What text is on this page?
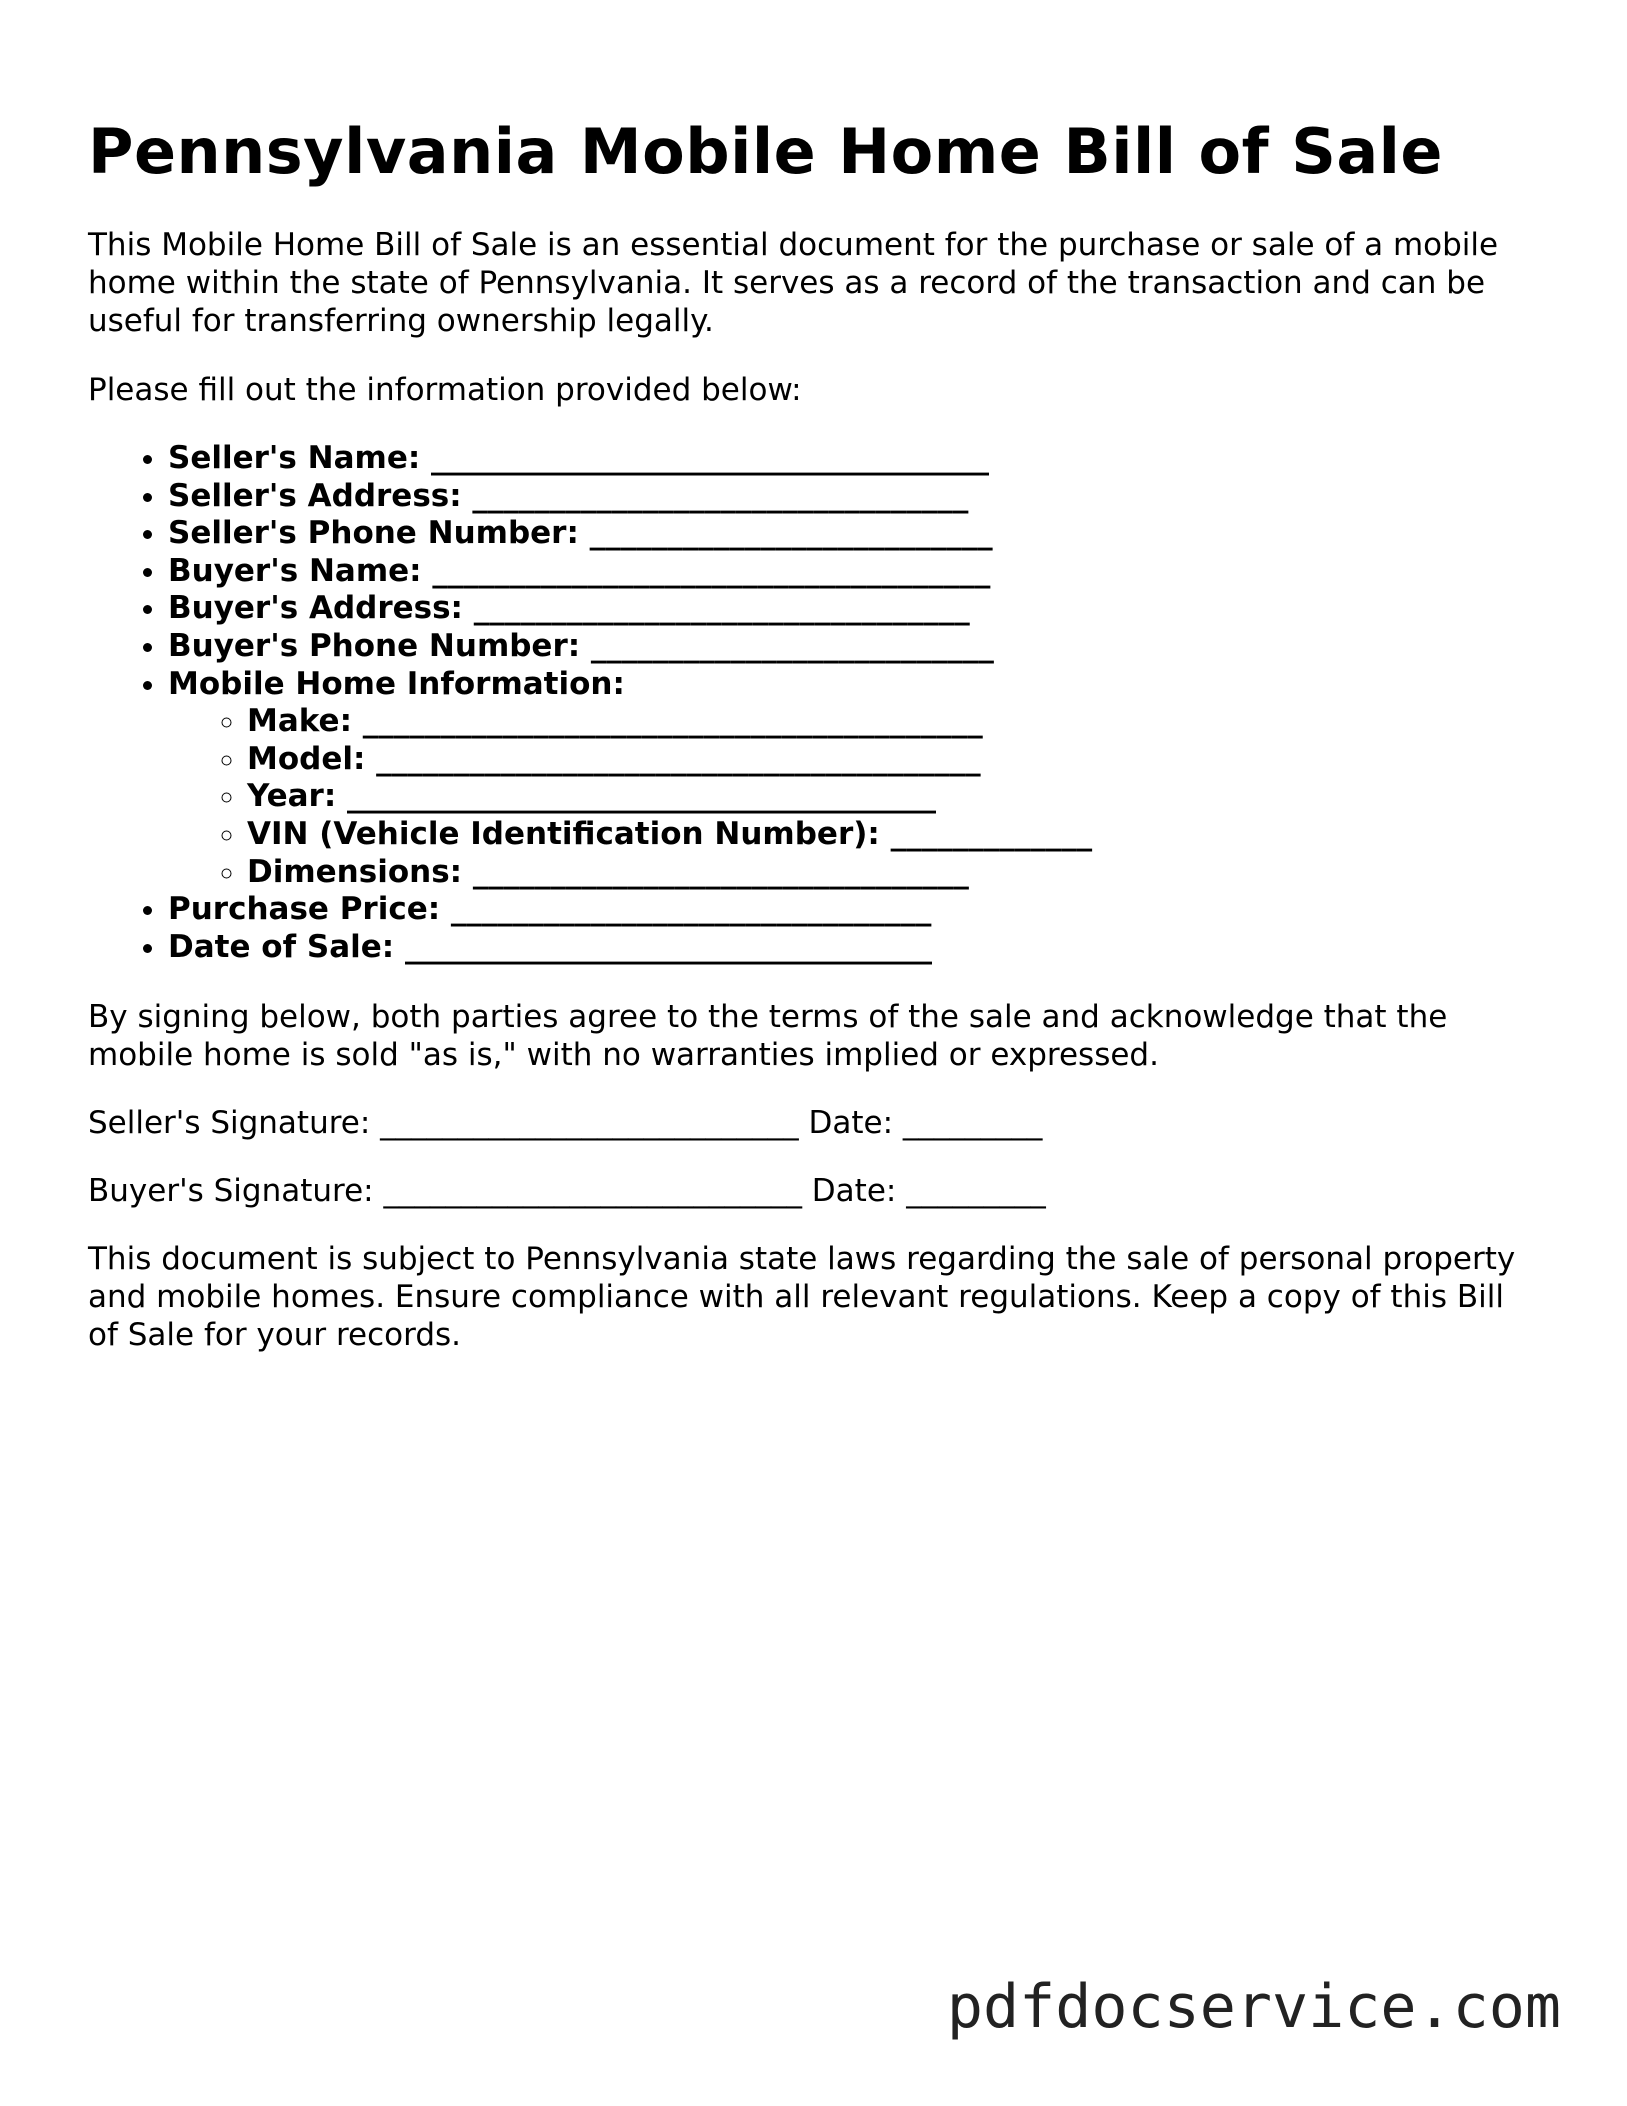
Pennsylvania Mobile Home Bill of Sale

This Mobile Home Bill of Sale is an essential document for the purchase or sale of a mobile home within the state of Pennsylvania. It serves as a record of the transaction and can be useful for transferring ownership legally.

Please fill out the information provided below:

• Seller's Name: ____________________________________
• Seller's Address: ________________________________
• Seller's Phone Number: __________________________
• Buyer's Name: ____________________________________
• Buyer's Address: ________________________________
• Buyer's Phone Number: __________________________
• Mobile Home Information:
◦ Make: ________________________________________
◦ Model: _______________________________________
◦ Year: ______________________________________
◦ VIN (Vehicle Identification Number): _____________
◦ Dimensions: ________________________________
• Purchase Price: _______________________________
• Date of Sale: __________________________________

By signing below, both parties agree to the terms of the sale and acknowledge that the mobile home is sold "as is," with no warranties implied or expressed.

Seller's Signature: ___________________________ Date: _________

Buyer's Signature: ___________________________ Date: _________

This document is subject to Pennsylvania state laws regarding the sale of personal property and mobile homes. Ensure compliance with all relevant regulations. Keep a copy of this Bill of Sale for your records.

pdfdocservice.com
